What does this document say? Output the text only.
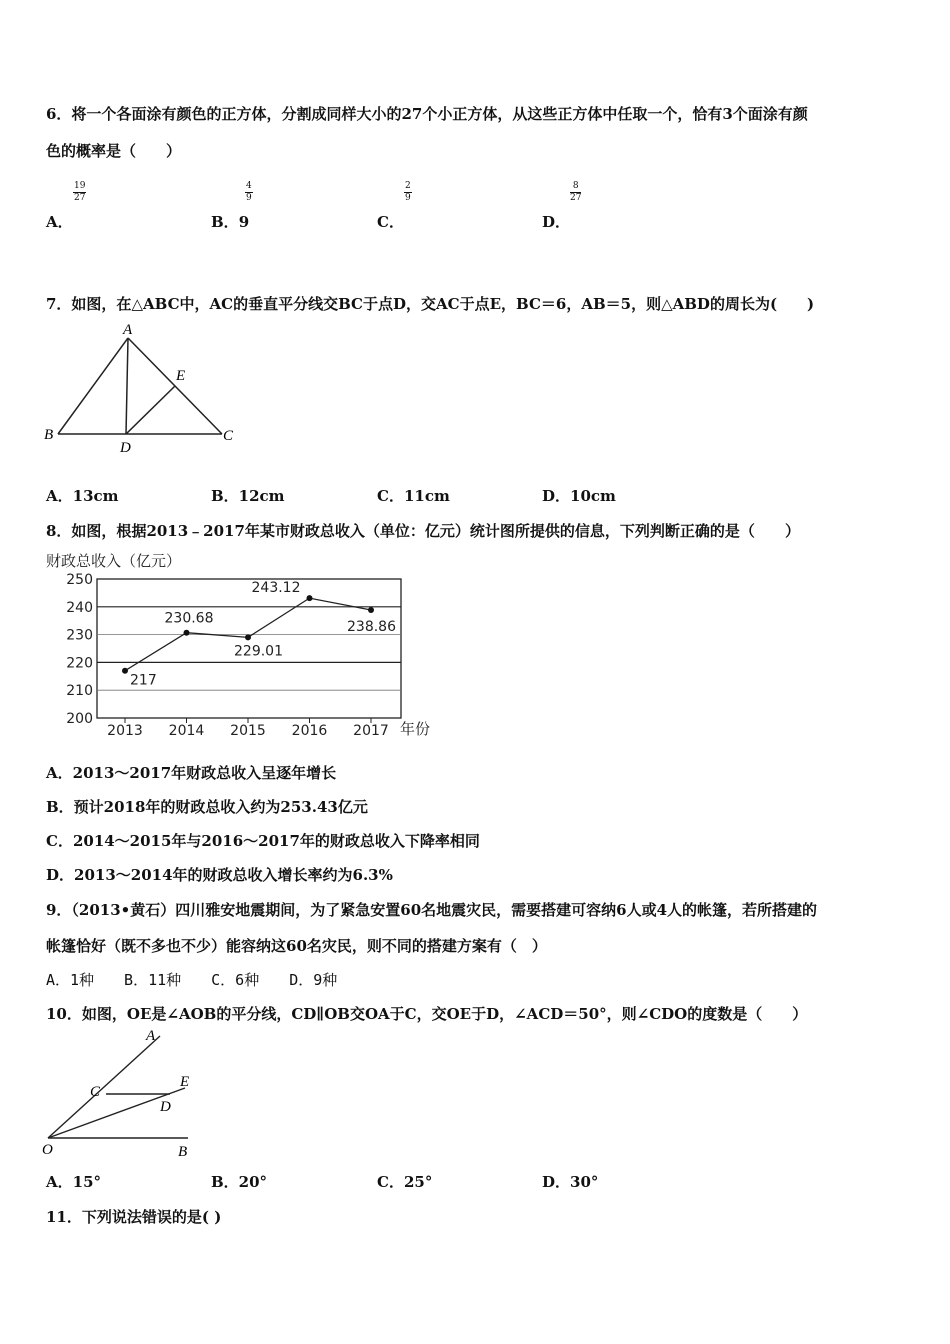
6．将一个各面涂有颜色的正方体，分割成同样大小的27个小正方体，从这些正方体中任取一个，恰有3个面涂有颜
色的概率是（　　）
$\frac{19}{27}$
A．
$\frac{4}{9}$
B．9
$\frac{2}{9}$
C．
$\frac{8}{27}$
D．
7．如图，在△ABC中，AC的垂直平分线交BC于点D，交AC于点E，BC＝6，AB＝5，则△ABD的周长为(　　)
A
E
B
D
C
A．13cm	B．12cm	C．11cm	D．10cm
8．如图，根据2013﹣2017年某市财政总收入（单位：亿元）统计图所提供的信息，下列判断正确的是（　　）
财政总收入（亿元）
200
210
220
230
240
250
2013 2014 2015 2016 2017
217
230.68
229.01
243.12
238.86
年份
A．2013～2017年财政总收入呈逐年增长
B．预计2018年的财政总收入约为253.43亿元
C．2014～2015年与2016～2017年的财政总收入下降率相同
D．2013～2014年的财政总收入增长率约为6.3%
9．（2013•黄石）四川雅安地震期间，为了紧急安置60名地震灾民，需要搭建可容纳6人或4人的帐篷，若所搭建的
帐篷恰好（既不多也不少）能容纳这60名灾民，则不同的搭建方案有（　）
A．1种　　B．11种　　C．6种　　D．9种
10．如图，OE是∠AOB的平分线，CD∥OB交OA于C，交OE于D，∠ACD＝50°，则∠CDO的度数是（　　）
A
C
E
D
O	B
A．15°	B．20°	C．25°	D．30°
11．下列说法错误的是( )
